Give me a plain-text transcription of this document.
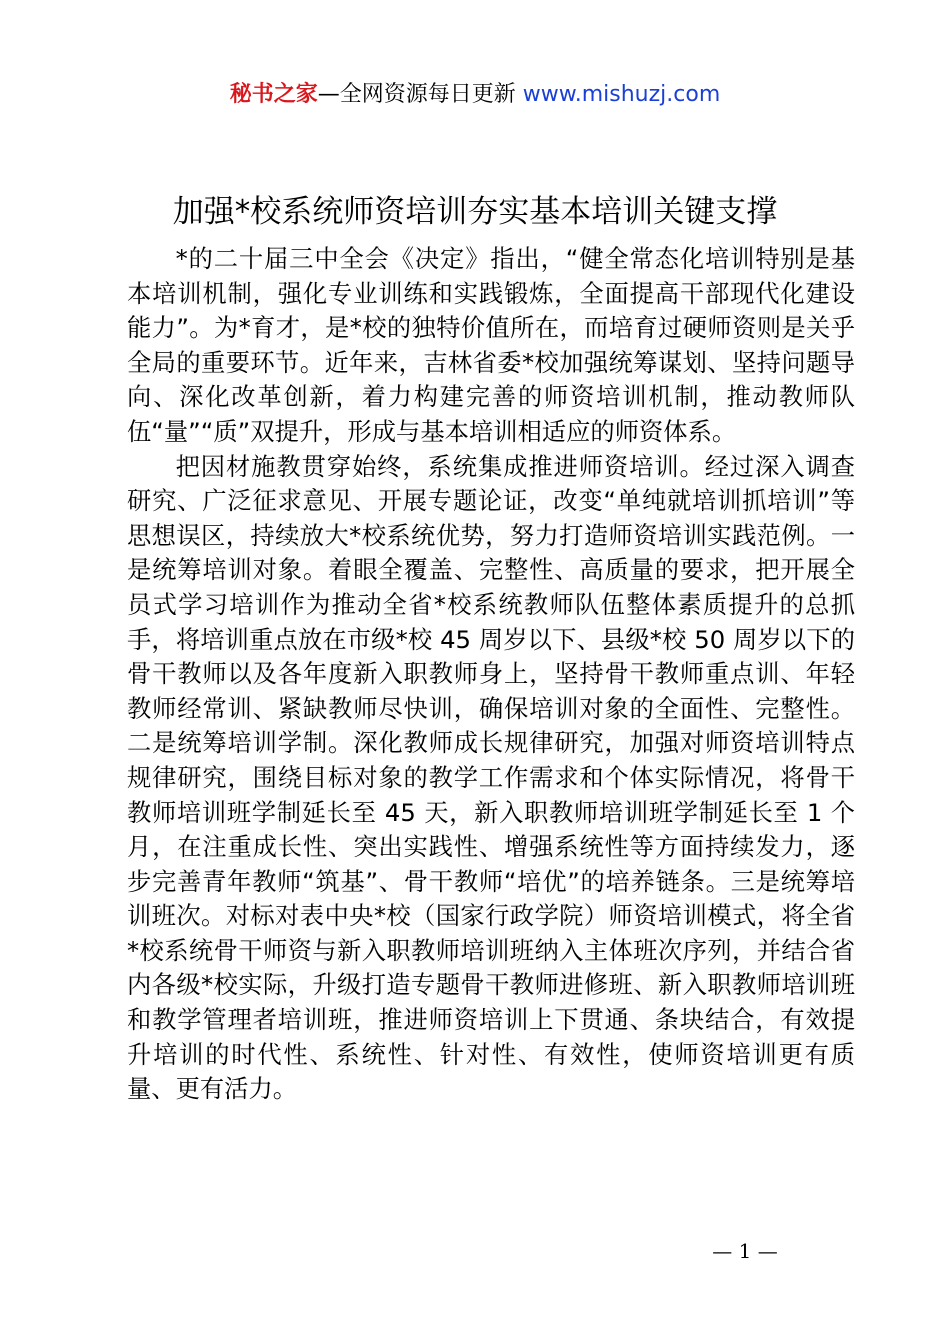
秘书之家—全网资源每日更新 www.mishuzj.com
加强*校系统师资培训夯实基本培训关键支撑

*的二十届三中全会《决定》指出，“健全常态化培训特别是基本培训机制，强化专业训练和实践锻炼，全面提高干部现代化建设能力”。为*育才，是*校的独特价值所在，而培育过硬师资则是关乎全局的重要环节。近年来，吉林省委*校加强统筹谋划、坚持问题导向、深化改革创新，着力构建完善的师资培训机制，推动教师队伍“量”“质”双提升，形成与基本培训相适应的师资体系。

把因材施教贯穿始终，系统集成推进师资培训。经过深入调查研究、广泛征求意见、开展专题论证，改变“单纯就培训抓培训”等思想误区，持续放大*校系统优势，努力打造师资培训实践范例。一是统筹培训对象。着眼全覆盖、完整性、高质量的要求，把开展全员式学习培训作为推动全省*校系统教师队伍整体素质提升的总抓手，将培训重点放在市级*校 45 周岁以下、县级*校 50 周岁以下的骨干教师以及各年度新入职教师身上，坚持骨干教师重点训、年轻教师经常训、紧缺教师尽快训，确保培训对象的全面性、完整性。二是统筹培训学制。深化教师成长规律研究，加强对师资培训特点规律研究，围绕目标对象的教学工作需求和个体实际情况，将骨干教师培训班学制延长至 45 天，新入职教师培训班学制延长至 1 个月，在注重成长性、突出实践性、增强系统性等方面持续发力，逐步完善青年教师“筑基”、骨干教师“培优”的培养链条。三是统筹培训班次。对标对表中央*校（国家行政学院）师资培训模式，将全省*校系统骨干师资与新入职教师培训班纳入主体班次序列，并结合省内各级*校实际，升级打造专题骨干教师进修班、新入职教师培训班和教学管理者培训班，推进师资培训上下贯通、条块结合，有效提升培训的时代性、系统性、针对性、有效性，使师资培训更有质量、更有活力。

— 1 —
